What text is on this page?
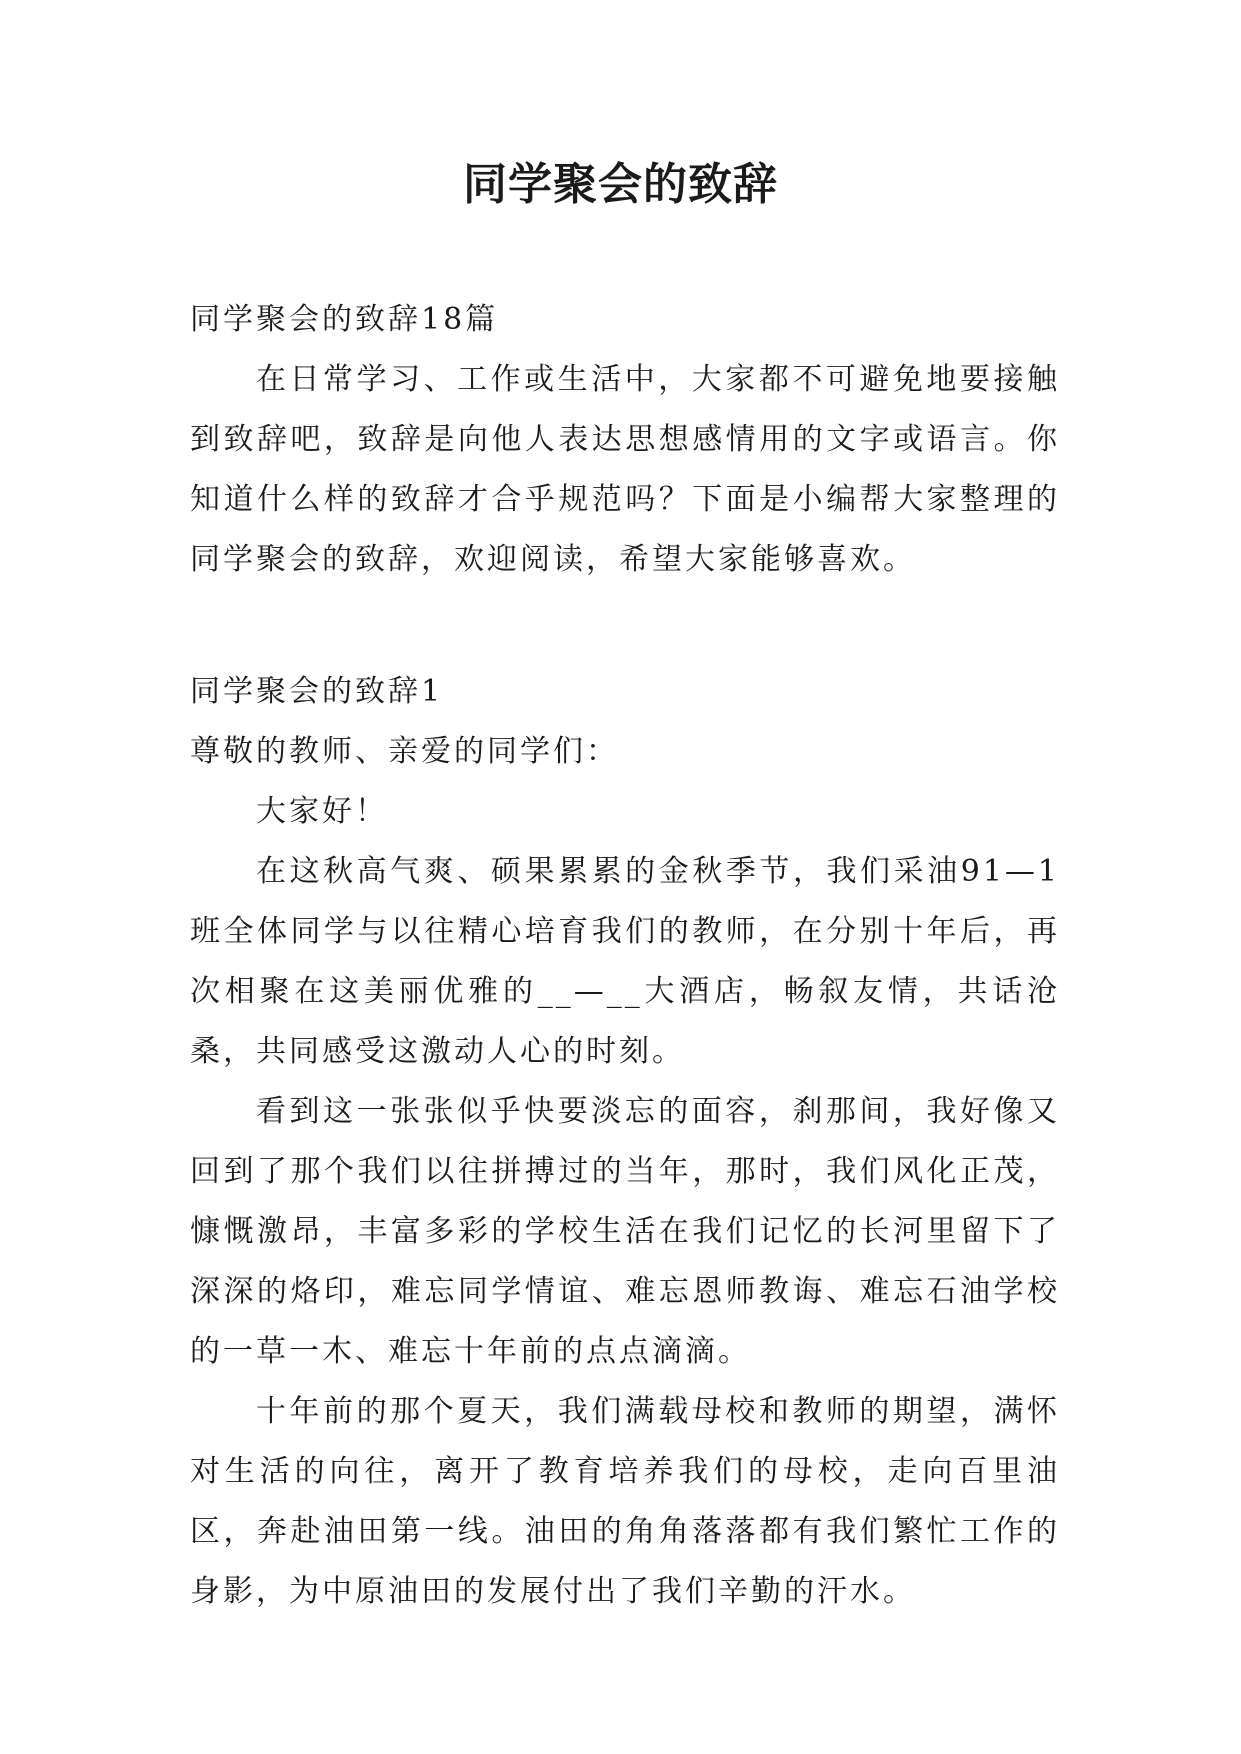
同学聚会的致辞

同学聚会的致辞18篇

在日常学习、工作或生活中，大家都不可避免地要接触到致辞吧，致辞是向他人表达思想感情用的文字或语言。你知道什么样的致辞才合乎规范吗？下面是小编帮大家整理的同学聚会的致辞，欢迎阅读，希望大家能够喜欢。

同学聚会的致辞1

尊敬的教师、亲爱的同学们：

大家好！

在这秋高气爽、硕果累累的金秋季节，我们采油91—1班全体同学与以往精心培育我们的教师，在分别十年后，再次相聚在这美丽优雅的__—__大酒店，畅叙友情，共话沧桑，共同感受这激动人心的时刻。

看到这一张张似乎快要淡忘的面容，刹那间，我好像又回到了那个我们以往拼搏过的当年，那时，我们风化正茂，慷慨激昂，丰富多彩的学校生活在我们记忆的长河里留下了深深的烙印，难忘同学情谊、难忘恩师教诲、难忘石油学校的一草一木、难忘十年前的点点滴滴。

十年前的那个夏天，我们满载母校和教师的期望，满怀对生活的向往，离开了教育培养我们的母校，走向百里油区，奔赴油田第一线。油田的角角落落都有我们繁忙工作的身影，为中原油田的发展付出了我们辛勤的汗水。
